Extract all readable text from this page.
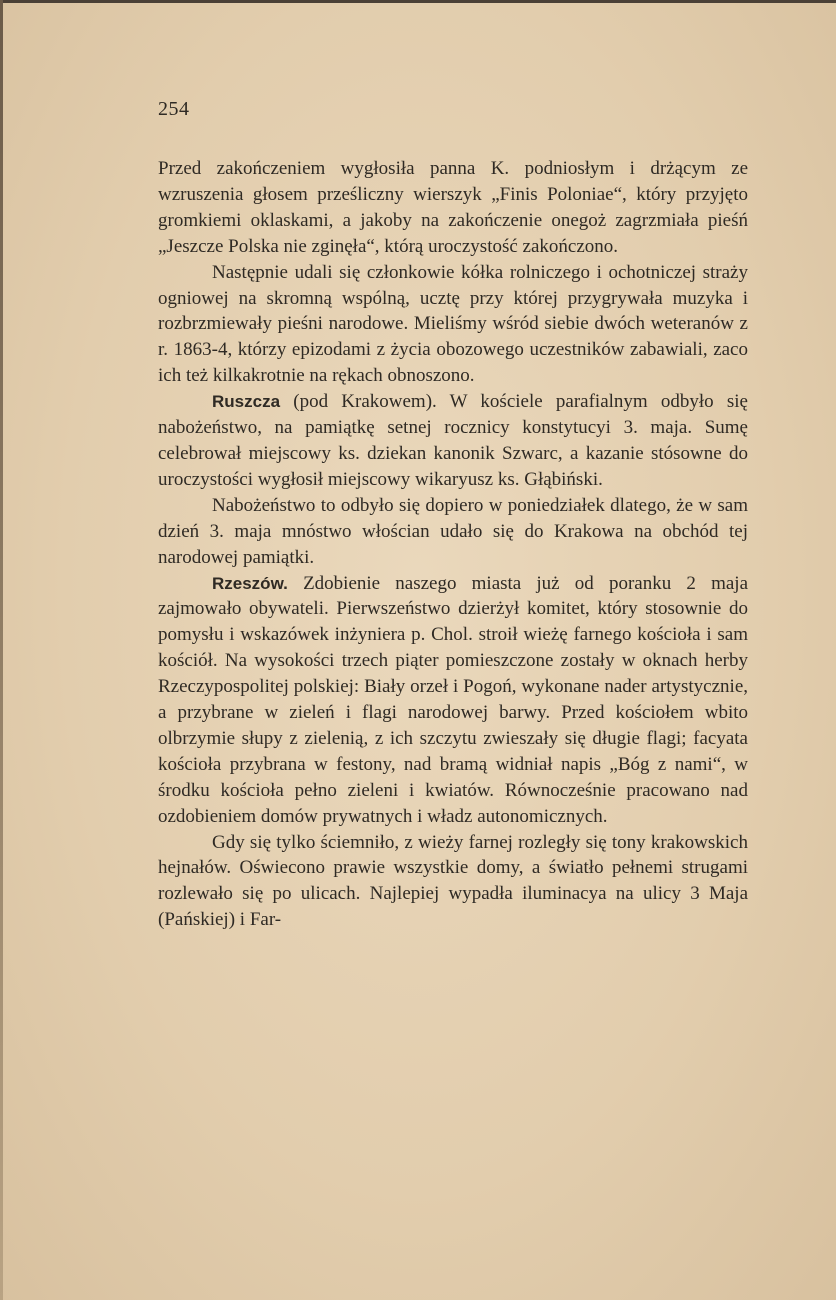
254

Przed zakończeniem wygłosiła panna K. podniosłym i drżącym ze wzruszenia głosem prześliczny wierszyk „Finis Poloniae“, który przyjęto gromkiemi oklaskami, a jakoby na zakończenie onegoż zagrzmiała pieśń „Jeszcze Polska nie zginęła“, którą uroczystość zakończono.

Następnie udali się członkowie kółka rolniczego i ochotniczej straży ogniowej na skromną wspólną, ucztę przy której przygrywała muzyka i rozbrzmiewały pieśni narodowe. Mieliśmy wśród siebie dwóch weteranów z r. 1863-4, którzy epizodami z życia obozowego uczestników zabawiali, zaco ich też kilkakrotnie na rękach obnoszono.

Ruszcza (pod Krakowem). W kościele parafialnym odbyło się nabożeństwo, na pamiątkę setnej rocznicy konstytucyi 3. maja. Sumę celebrował miejscowy ks. dziekan kanonik Szwarc, a kazanie stósowne do uroczystości wygłosił miejscowy wikaryusz ks. Głąbiński.

Nabożeństwo to odbyło się dopiero w poniedziałek dlatego, że w sam dzień 3. maja mnóstwo włościan udało się do Krakowa na obchód tej narodowej pamiątki.

Rzeszów. Zdobienie naszego miasta już od poranku 2 maja zajmowało obywateli. Pierwszeństwo dzierżył komitet, który stosownie do pomysłu i wskazówek inżyniera p. Chol. stroił wieżę farnego kościoła i sam kościół. Na wysokości trzech piąter pomieszczone zostały w oknach herby Rzeczypospolitej polskiej: Biały orzeł i Pogoń, wykonane nader artystycznie, a przybrane w zieleń i flagi narodowej barwy. Przed kościołem wbito olbrzymie słupy z zielenią, z ich szczytu zwieszały się długie flagi; facyata kościoła przybrana w festony, nad bramą widniał napis „Bóg z nami“, w środku kościoła pełno zieleni i kwiatów. Równocześnie pracowano nad ozdobieniem domów prywatnych i władz autonomicznych.

Gdy się tylko ściemniło, z wieży farnej rozległy się tony krakowskich hejnałów. Oświecono prawie wszystkie domy, a światło pełnemi strugami rozlewało się po ulicach. Najlepiej wypadła iluminacya na ulicy 3 Maja (Pańskiej) i Far-
